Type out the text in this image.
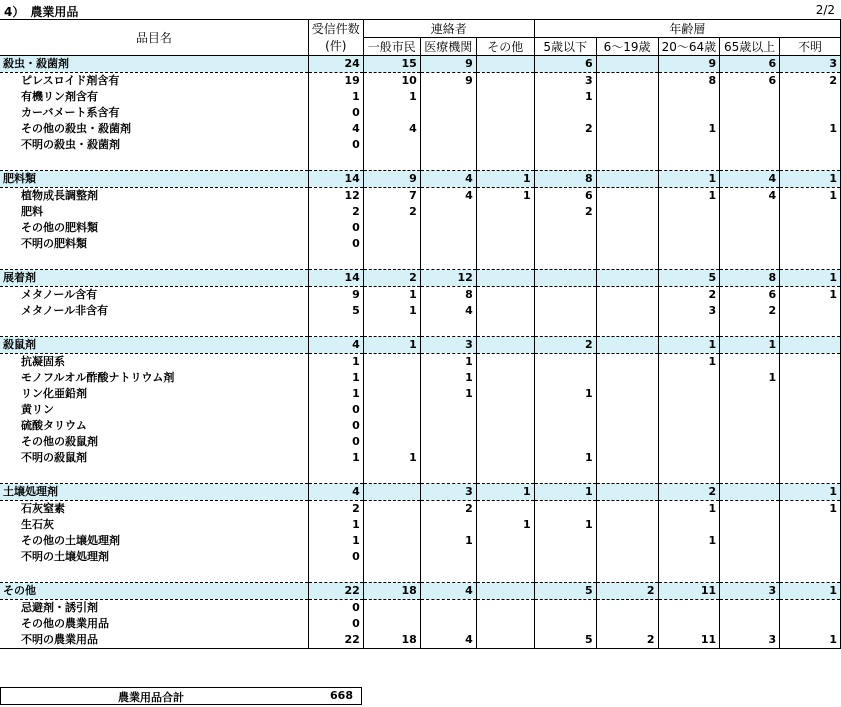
4）　農業用品	2/2
品目名	受信件数	連絡者			年齢層				
	(件)	一般市民	医療機関	その他	5歳以下	6～19歳	20～64歳	65歳以上	不明
殺虫・殺菌剤	24	15	9		6		9	6	3
ピレスロイド剤含有	19	10	9		3		8	6	2
有機リン剤含有	1	1			1				
カーバメート系含有	0								
その他の殺虫・殺菌剤	4	4			2		1		1
不明の殺虫・殺菌剤	0								

肥料類	14	9	4	1	8		1	4	1
植物成長調整剤	12	7	4	1	6		1	4	1
肥料	2	2			2				
その他の肥料類	0								
不明の肥料類	0								

展着剤	14	2	12				5	8	1
メタノール含有	9	1	8				2	6	1
メタノール非含有	5	1	4				3	2	

殺鼠剤	4	1	3		2		1	1	
抗凝固系	1		1				1		
モノフルオル酢酸ナトリウム剤	1		1					1	
リン化亜鉛剤	1		1		1				
黄リン	0								
硫酸タリウム	0								
その他の殺鼠剤	0								
不明の殺鼠剤	1	1			1				

土壌処理剤	4		3	1	1		2		1
石灰窒素	2		2				1		1
生石灰	1			1	1				
その他の土壌処理剤	1		1				1		
不明の土壌処理剤	0								

その他	22	18	4		5	2	11	3	1
忌避剤・誘引剤	0								
その他の農業用品	0								
不明の農業用品	22	18	4		5	2	11	3	1
農業用品合計	668
